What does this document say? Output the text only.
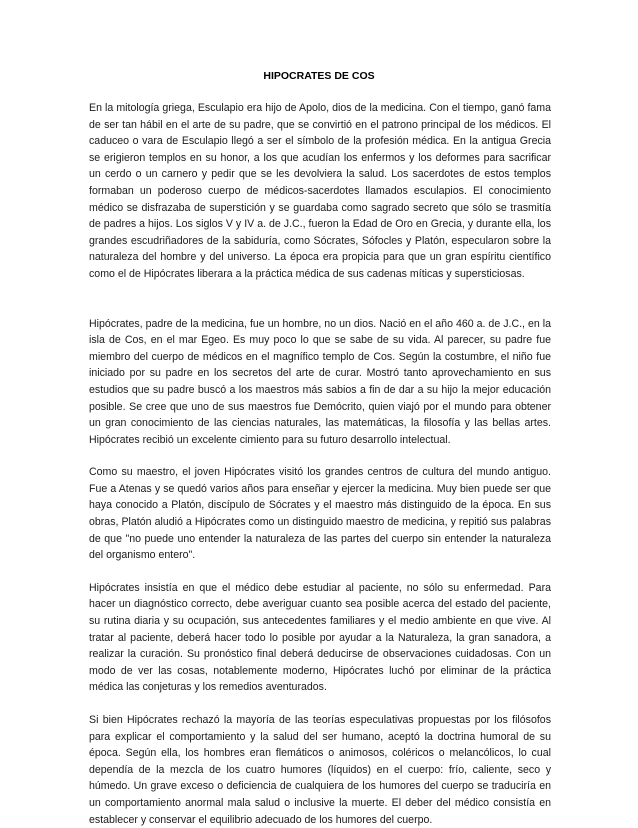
HIPOCRATES DE COS

En la mitología griega, Esculapio era hijo de Apolo, dios de la medicina. Con el tiempo, ganó fama de ser tan hábil en el arte de su padre, que se convirtió en el patrono principal de los médicos. El caduceo o vara de Esculapio llegó a ser el símbolo de la profesión médica. En la antigua Grecia se erigieron templos en su honor, a los que acudían los enfermos y los deformes para sacrificar un cerdo o un carnero y pedir que se les devolviera la salud. Los sacerdotes de estos templos formaban un poderoso cuerpo de médicos-sacerdotes llamados esculapios. El conocimiento médico se disfrazaba de superstición y se guardaba como sagrado secreto que sólo se trasmitía de padres a hijos. Los siglos V y IV a. de J.C., fueron la Edad de Oro en Grecia, y durante ella, los grandes escudriñadores de la sabiduría, como Sócrates, Sófocles y Platón, especularon sobre la naturaleza del hombre y del universo. La época era propicia para que un gran espíritu científico como el de Hipócrates liberara a la práctica médica de sus cadenas míticas y supersticiosas.

Hipócrates, padre de la medicina, fue un hombre, no un dios. Nació en el año 460 a. de J.C., en la isla de Cos, en el mar Egeo. Es muy poco lo que se sabe de su vida. Al parecer, su padre fue miembro del cuerpo de médicos en el magnífico templo de Cos. Según la costumbre, el niño fue iniciado por su padre en los secretos del arte de curar. Mostró tanto aprovechamiento en sus estudios que su padre buscó a los maestros más sabios a fin de dar a su hijo la mejor educación posible. Se cree que uno de sus maestros fue Demócrito, quien viajó por el mundo para obtener un gran conocimiento de las ciencias naturales, las matemáticas, la filosofía y las bellas artes. Hipócrates recibió un excelente cimiento para su futuro desarrollo intelectual.

Como su maestro, el joven Hipócrates visitó los grandes centros de cultura del mundo antiguo. Fue a Atenas y se quedó varios años para enseñar y ejercer la medicina. Muy bien puede ser que haya conocido a Platón, discípulo de Sócrates y el maestro más distinguido de la época. En sus obras, Platón aludió a Hipócrates como un distinguido maestro de medicina, y repitió sus palabras de que "no puede uno entender la naturaleza de las partes del cuerpo sin entender la naturaleza del organismo entero".

Hipócrates insistía en que el médico debe estudiar al paciente, no sólo su enfermedad. Para hacer un diagnóstico correcto, debe averiguar cuanto sea posible acerca del estado del paciente, su rutina diaria y su ocupación, sus antecedentes familiares y el medio ambiente en que vive. Al tratar al paciente, deberá hacer todo lo posible por ayudar a la Naturaleza, la gran sanadora, a realizar la curación. Su pronóstico final deberá deducirse de observaciones cuidadosas. Con un modo de ver las cosas, notablemente moderno, Hipócrates luchó por eliminar de la práctica médica las conjeturas y los remedios aventurados.

Si bien Hipócrates rechazó la mayoría de las teorías especulativas propuestas por los filósofos para explicar el comportamiento y la salud del ser humano, aceptó la doctrina humoral de su época. Según ella, los hombres eran flemáticos o animosos, coléricos o melancólicos, lo cual dependía de la mezcla de los cuatro humores (líquidos) en el cuerpo: frío, caliente, seco y húmedo. Un grave exceso o deficiencia de cualquiera de los humores del cuerpo se traduciría en un comportamiento anormal mala salud o inclusive la muerte. El deber del médico consistía en establecer y conservar el equilibrio adecuado de los humores del cuerpo.
